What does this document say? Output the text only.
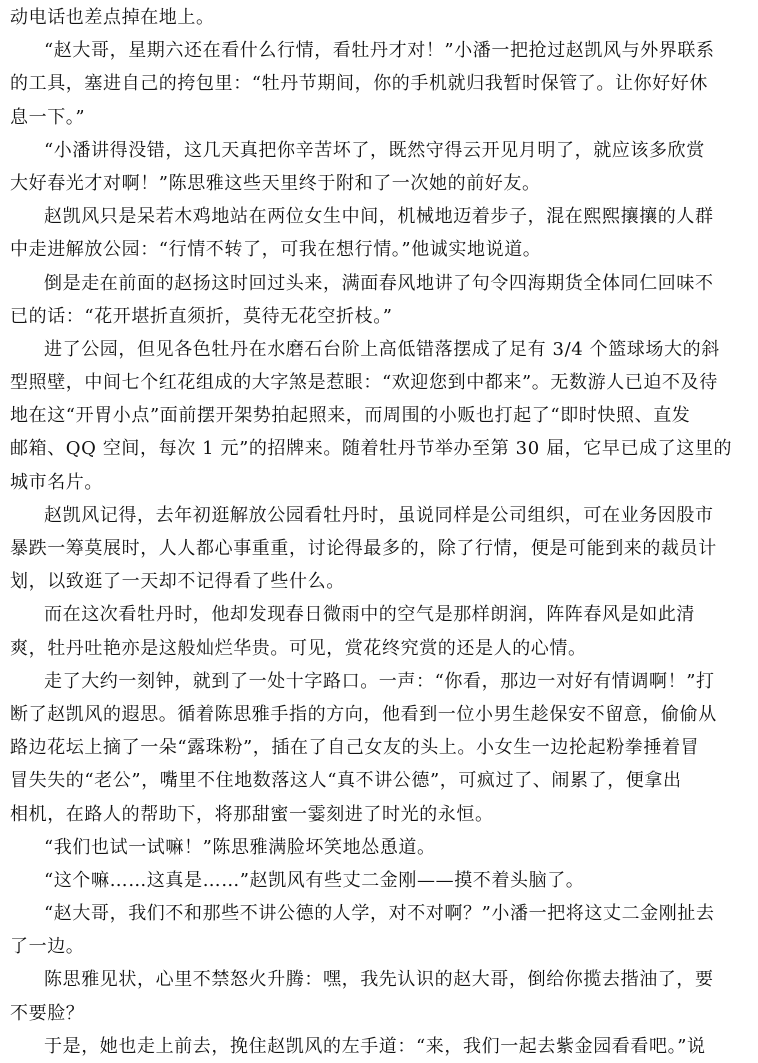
动电话也差点掉在地上。
“赵大哥，星期六还在看什么行情，看牡丹才对！”小潘一把抢过赵凯风与外界联系
的工具，塞进自己的挎包里：“牡丹节期间，你的手机就归我暂时保管了。让你好好休
息一下。”
“小潘讲得没错，这几天真把你辛苦坏了，既然守得云开见月明了，就应该多欣赏
大好春光才对啊！”陈思雅这些天里终于附和了一次她的前好友。
赵凯风只是呆若木鸡地站在两位女生中间，机械地迈着步子，混在熙熙攘攘的人群
中走进解放公园：“行情不转了，可我在想行情。”他诚实地说道。
倒是走在前面的赵扬这时回过头来，满面春风地讲了句令四海期货全体同仁回味不
已的话：“花开堪折直须折，莫待无花空折枝。”
进了公园，但见各色牡丹在水磨石台阶上高低错落摆成了足有 3/4 个篮球场大的斜
型照壁，中间七个红花组成的大字煞是惹眼：“欢迎您到中都来”。无数游人已迫不及待
地在这“开胃小点”面前摆开架势拍起照来，而周围的小贩也打起了“即时快照、直发
邮箱、QQ 空间，每次 1 元”的招牌来。随着牡丹节举办至第 30 届，它早已成了这里的
城市名片。
赵凯风记得，去年初逛解放公园看牡丹时，虽说同样是公司组织，可在业务因股市
暴跌一筹莫展时，人人都心事重重，讨论得最多的，除了行情，便是可能到来的裁员计
划，以致逛了一天却不记得看了些什么。
而在这次看牡丹时，他却发现春日微雨中的空气是那样朗润，阵阵春风是如此清
爽，牡丹吐艳亦是这般灿烂华贵。可见，赏花终究赏的还是人的心情。
走了大约一刻钟，就到了一处十字路口。一声：“你看，那边一对好有情调啊！”打
断了赵凯风的遐思。循着陈思雅手指的方向，他看到一位小男生趁保安不留意，偷偷从
路边花坛上摘了一朵“露珠粉”，插在了自己女友的头上。小女生一边抡起粉拳捶着冒
冒失失的“老公”，嘴里不住地数落这人“真不讲公德”，可疯过了、闹累了，便拿出
相机，在路人的帮助下，将那甜蜜一霎刻进了时光的永恒。
“我们也试一试嘛！”陈思雅满脸坏笑地怂恿道。
“这个嘛……这真是……”赵凯风有些丈二金刚——摸不着头脑了。
“赵大哥，我们不和那些不讲公德的人学，对不对啊？”小潘一把将这丈二金刚扯去
了一边。
陈思雅见状，心里不禁怒火升腾：嘿，我先认识的赵大哥，倒给你揽去揩油了，要
不要脸？
于是，她也走上前去，挽住赵凯风的左手道：“来，我们一起去紫金园看看吧。”说
